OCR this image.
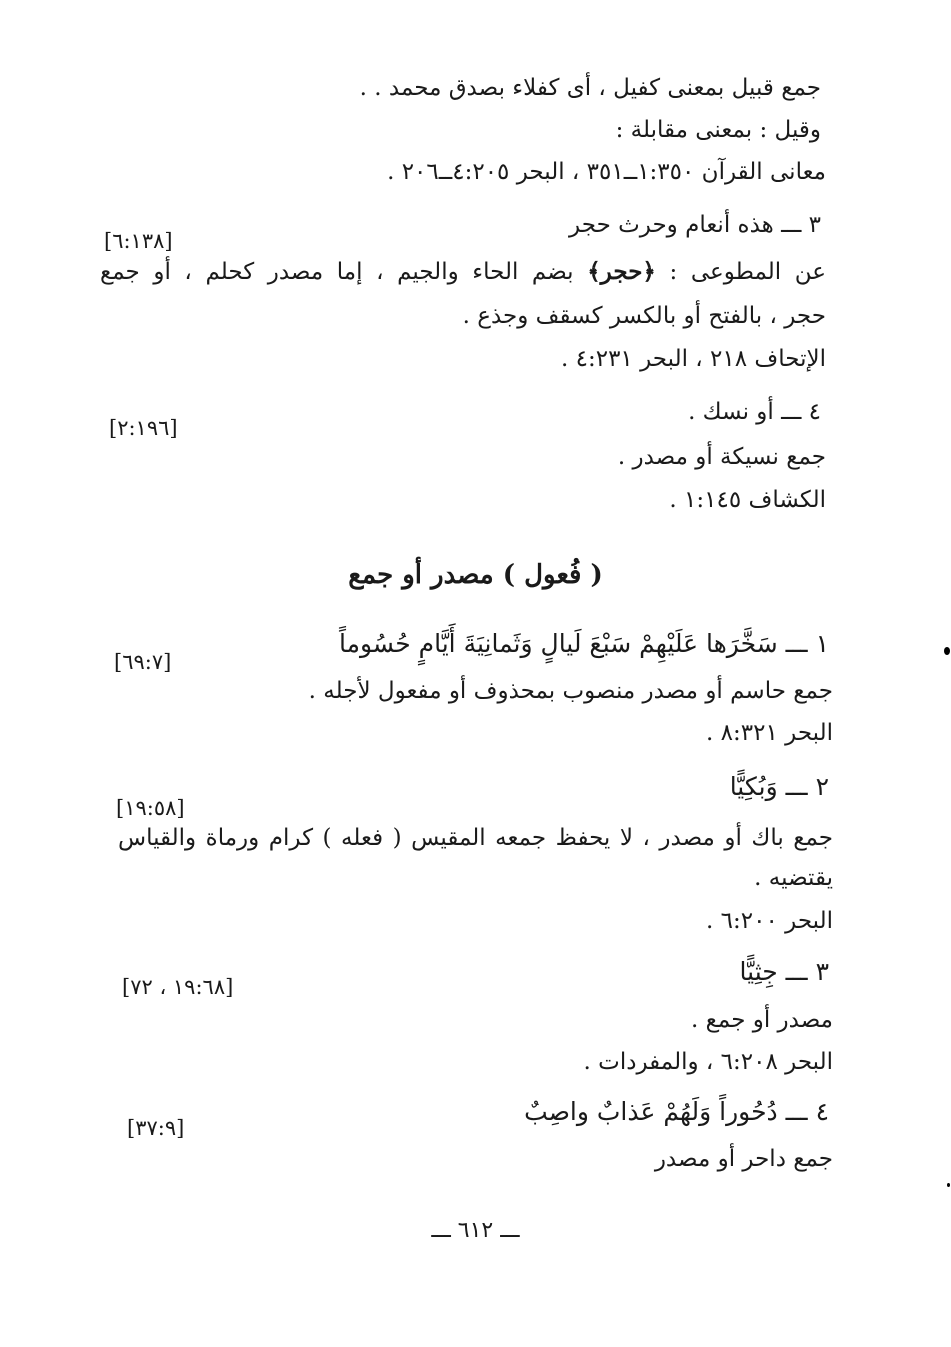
جمع قبيل بمعنى كفيل ، أى كفلاء بصدق محمد . .
وقيل : بمعنى مقابلة :
معانى القرآن ١:٣٥٠ــ٣٥١ ، البحر ٤:٢٠٥ــ٢٠٦ .
٣ ـــ هذه أنعام وحرث حجر
[٦:١٣٨]
عن المطوعى : ﴿حجر﴾ بضم الحاء والجيم ، إما مصدر كحلم ، أو جمع
حجر ، بالفتح أو بالكسر كسقف وجذع .
الإتحاف ٢١٨ ، البحر ٤:٢٣١ .
٤ ـــ أو نسك .
[٢:١٩٦]
جمع نسيكة أو مصدر .
الكشاف ١:١٤٥ .
( فُعول ) مصدر أو جمع
١ ـــ سَخَّرَها عَلَيْهِمْ سَبْعَ لَيالٍ وَثَمانِيَةَ أَيَّامٍ حُسُوماً
[٦٩:٧]
جمع حاسم أو مصدر منصوب بمحذوف أو مفعول لأجله .
البحر ٨:٣٢١ .
٢ ـــ وَبُكِيًّا
[١٩:٥٨]
جمع باك أو مصدر ، لا يحفظ جمعه المقيس ( فعله ) كرام ورماة والقياس
يقتضيه .
البحر ٦:٢٠٠ .
٣ ـــ جِثِيًّا
[١٩:٦٨ ، ٧٢]
مصدر أو جمع .
البحر ٦:٢٠٨ ، والمفردات .
٤ ـــ دُحُوراً وَلَهُمْ عَذابٌ واصِبٌ
[٣٧:٩]
جمع داحر أو مصدر
ـــ ٦١٢ ـــ
